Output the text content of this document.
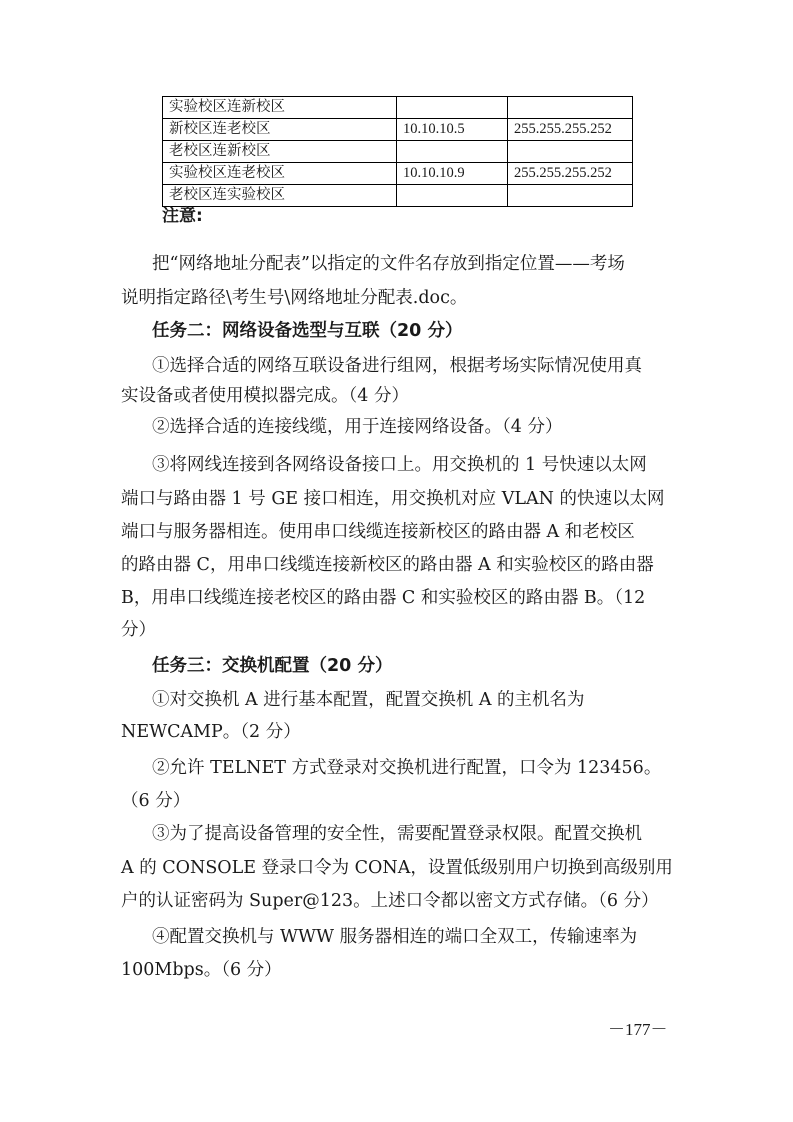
实验校区连新校区		
新校区连老校区	10.10.10.5	255.255.255.252
老校区连新校区		
实验校区连老校区	10.10.10.9	255.255.255.252
老校区连实验校区		
注意:
把“网络地址分配表”以指定的文件名存放到指定位置——考场
说明指定路径\考生号\网络地址分配表.doc。
任务二：网络设备选型与互联（20 分）
①选择合适的网络互联设备进行组网，根据考场实际情况使用真
实设备或者使用模拟器完成。（4 分）
②选择合适的连接线缆，用于连接网络设备。（4 分）
③将网线连接到各网络设备接口上。用交换机的 1 号快速以太网
端口与路由器 1 号 GE 接口相连，用交换机对应 VLAN 的快速以太网
端口与服务器相连。使用串口线缆连接新校区的路由器 A 和老校区
的路由器 C，用串口线缆连接新校区的路由器 A 和实验校区的路由器
B，用串口线缆连接老校区的路由器 C 和实验校区的路由器 B。（12
分）
任务三：交换机配置（20 分）
①对交换机 A 进行基本配置，配置交换机 A 的主机名为
NEWCAMP。（2 分）
②允许 TELNET 方式登录对交换机进行配置，口令为 123456。
（6 分）
③为了提高设备管理的安全性，需要配置登录权限。配置交换机
A 的 CONSOLE 登录口令为 CONA，设置低级别用户切换到高级别用
户的认证密码为 Super@123。上述口令都以密文方式存储。（6 分）
④配置交换机与 WWW 服务器相连的端口全双工，传输速率为
100Mbps。（6 分）
－177－
